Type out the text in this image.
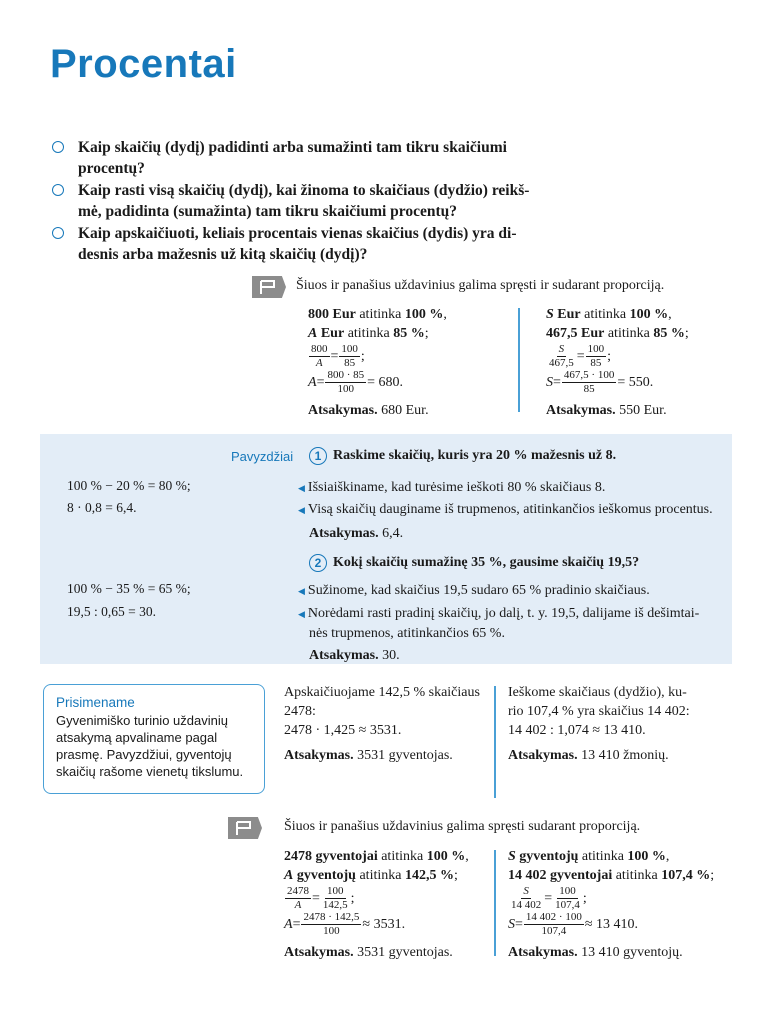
Procentai
Kaip skaičių (dydį) padidinti arba sumažinti tam tikru skaičiumi
procentų?
Kaip rasti visą skaičių (dydį), kai žinoma to skaičiaus (dydžio) reikš-
mė, padidinta (sumažinta) tam tikru skaičiumi procentų?
Kaip apskaičiuoti, keliais procentais vienas skaičius (dydis) yra di-
desnis arba mažesnis už kitą skaičių (dydį)?
Šiuos ir panašius uždavinius galima spręsti ir sudarant proporciją.
800 Eur atitinka 100 %,
A Eur atitinka 85 %;
$\frac{800}{A} = \frac{100}{85}$ ;
$A = \frac{800 \cdot 85}{100} = 680$.
Atsakymas. 680 Eur.
S Eur atitinka 100 %,
467,5 Eur atitinka 85 %;
$\frac{S}{467,5} = \frac{100}{85}$ ;
$S = \frac{467,5 \cdot 100}{85} = 550$.
Atsakymas. 550 Eur.
Pavyzdžiai	1 Raskime skaičių, kuris yra 20 % mažesnis už 8.
100 % − 20 % = 80 %;
8 · 0,8 = 6,4.
◀ Išsiaiškiname, kad turėsime ieškoti 80 % skaičiaus 8.
◀ Visą skaičių dauginame iš trupmenos, atitinkančios ieškomus procentus.
Atsakymas. 6,4.
2 Kokį skaičių sumažinę 35 %, gausime skaičių 19,5?
100 % − 35 % = 65 %;
19,5 : 0,65 = 30.
◀ Sužinome, kad skaičius 19,5 sudaro 65 % pradinio skaičiaus.
◀ Norėdami rasti pradinį skaičių, jo dalį, t. y. 19,5, dalijame iš dešimtai-
nės trupmenos, atitinkančios 65 %.
Atsakymas. 30.
Prisimename
Gyvenimiško turinio uždavinių
atsakymą apvaliname pagal
prasmę. Pavyzdžiui, gyventojų
skaičių rašome vienetų tikslumu.
Apskaičiuojame 142,5 % skaičiaus
2478:
2478 · 1,425 ≈ 3531.
Atsakymas. 3531 gyventojas.
Ieškome skaičiaus (dydžio), ku-
rio 107,4 % yra skaičius 14 402:
14 402 : 1,074 ≈ 13 410.
Atsakymas. 13 410 žmonių.
Šiuos ir panašius uždavinius galima spręsti sudarant proporciją.
2478 gyventojai atitinka 100 %,
A gyventojų atitinka 142,5 %;
$\frac{2478}{A} = \frac{100}{142,5}$ ;
$A = \frac{2478 \cdot 142,5}{100} \approx 3531$.
Atsakymas. 3531 gyventojas.
S gyventojų atitinka 100 %,
14 402 gyventojai atitinka 107,4 %;
$\frac{S}{14 402} = \frac{100}{107,4}$ ;
$S = \frac{14 402 \cdot 100}{107,4} \approx 13$ 410.
Atsakymas. 13 410 gyventojų.
